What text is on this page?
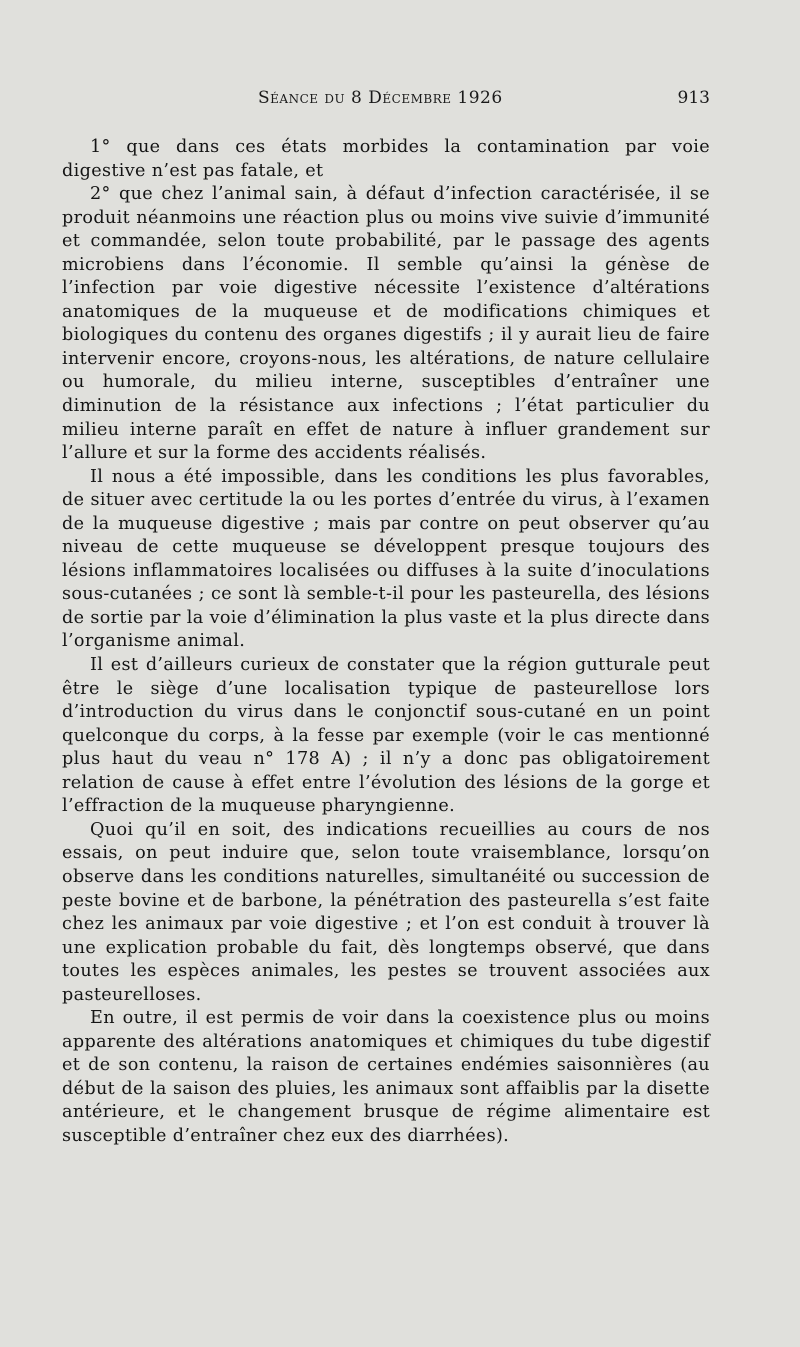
Séance du 8 Décembre 1926	913

1° que dans ces états morbides la contamination par voie digestive n’est pas fatale, et

2° que chez l’animal sain, à défaut d’infection caractérisée, il se produit néanmoins une réaction plus ou moins vive suivie d’immunité et commandée, selon toute probabilité, par le passage des agents microbiens dans l’économie. Il semble qu’ainsi la génèse de l’infection par voie digestive nécessite l’existence d’altérations anatomiques de la muqueuse et de modifications chimiques et biologiques du contenu des organes digestifs ; il y aurait lieu de faire intervenir encore, croyons-nous, les altérations, de nature cellulaire ou humorale, du milieu interne, susceptibles d’entraîner une diminution de la résistance aux infections ; l’état particulier du milieu interne paraît en effet de nature à influer grandement sur l’allure et sur la forme des accidents réalisés.

Il nous a été impossible, dans les conditions les plus favorables, de situer avec certitude la ou les portes d’entrée du virus, à l’examen de la muqueuse digestive ; mais par contre on peut observer qu’au niveau de cette muqueuse se développent presque toujours des lésions inflammatoires localisées ou diffuses à la suite d’inoculations sous-cutanées ; ce sont là semble-t-il pour les pasteurella, des lésions de sortie par la voie d’élimination la plus vaste et la plus directe dans l’organisme animal.

Il est d’ailleurs curieux de constater que la région gutturale peut être le siège d’une localisation typique de pasteurellose lors d’introduction du virus dans le conjonctif sous-cutané en un point quelconque du corps, à la fesse par exemple (voir le cas mentionné plus haut du veau n° 178 A) ; il n’y a donc pas obligatoirement relation de cause à effet entre l’évolution des lésions de la gorge et l’effraction de la muqueuse pharyngienne.

Quoi qu’il en soit, des indications recueillies au cours de nos essais, on peut induire que, selon toute vraisemblance, lorsqu’on observe dans les conditions naturelles, simultanéité ou succession de peste bovine et de barbone, la pénétration des pasteurella s’est faite chez les animaux par voie digestive ; et l’on est conduit à trouver là une explication probable du fait, dès longtemps observé, que dans toutes les espèces animales, les pestes se trouvent associées aux pasteurelloses.

En outre, il est permis de voir dans la coexistence plus ou moins apparente des altérations anatomiques et chimiques du tube digestif et de son contenu, la raison de certaines endémies saisonnières (au début de la saison des pluies, les animaux sont affaiblis par la disette antérieure, et le changement brusque de régime alimentaire est susceptible d’entraîner chez eux des diarrhées).
